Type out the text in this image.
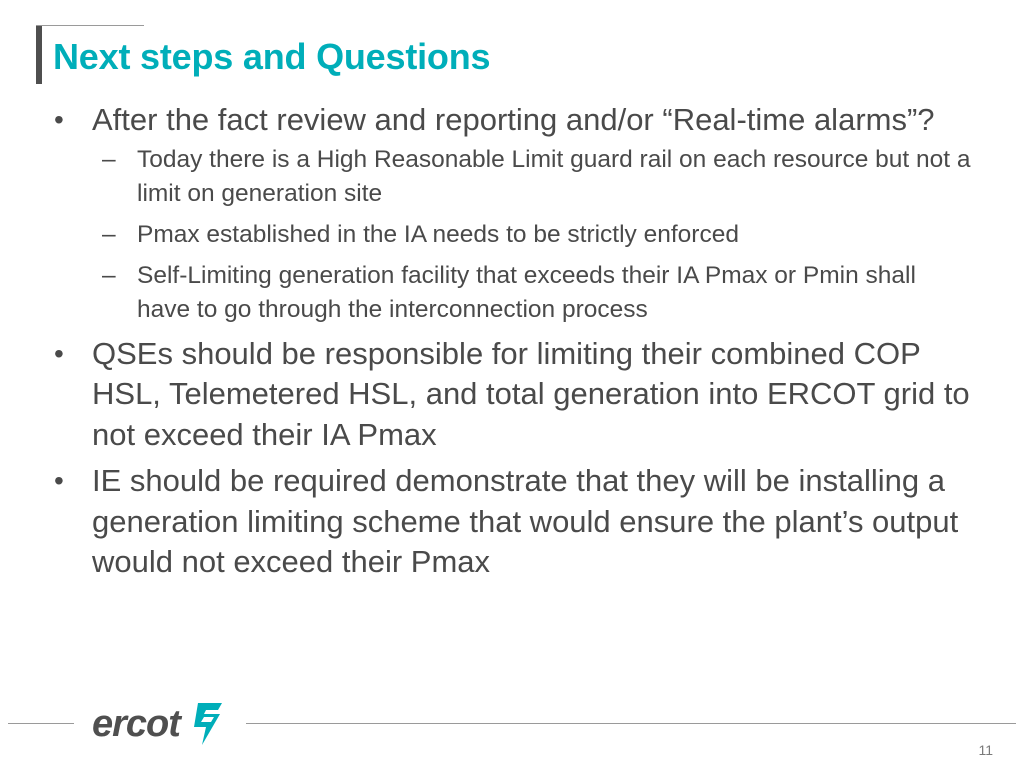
Next steps and Questions
• After the fact review and reporting and/or “Real-time alarms”?
– Today there is a High Reasonable Limit guard rail on each resource but not a limit on generation site
– Pmax established in the IA needs to be strictly enforced
– Self-Limiting generation facility that exceeds their IA Pmax or Pmin shall have to go through the interconnection process
• QSEs should be responsible for limiting their combined COP HSL, Telemetered HSL, and total generation into ERCOT grid to not exceed their IA Pmax
• IE should be required demonstrate that they will be installing a generation limiting scheme that would ensure the plant’s output would not exceed their Pmax
ercot
11
